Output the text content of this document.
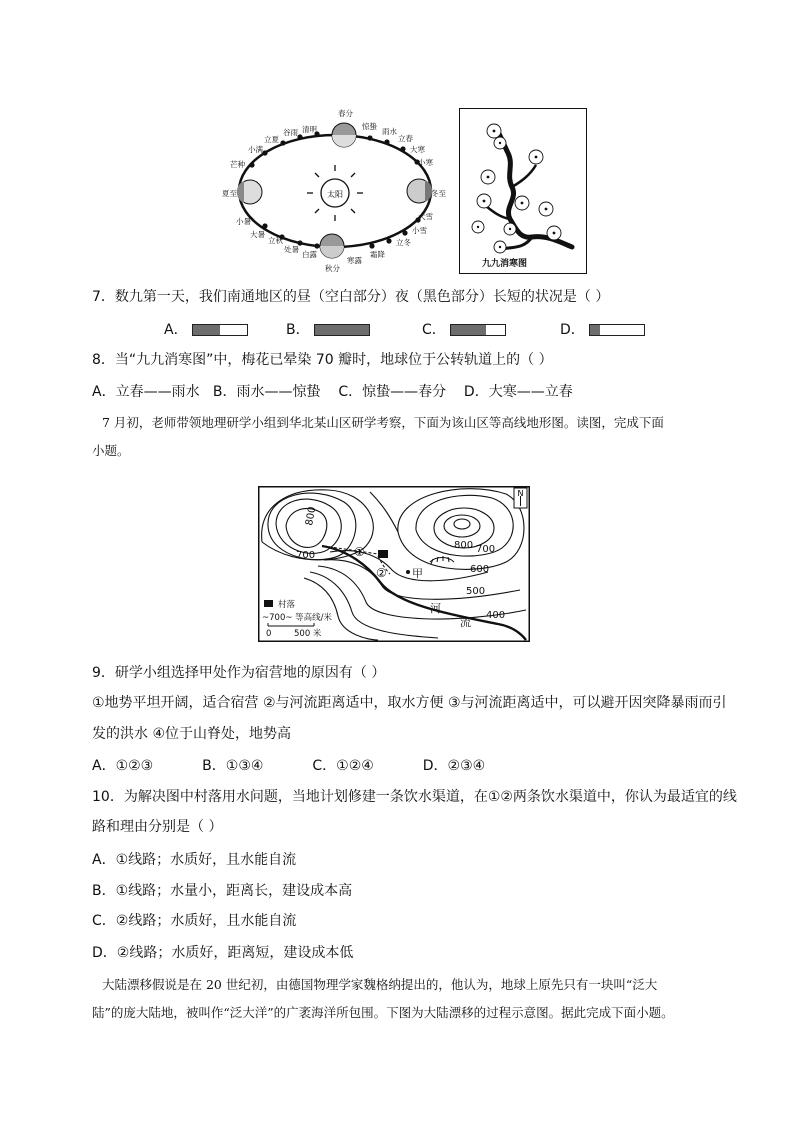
太阳
春分
惊蛰
雨水
立春
大寒
小寒
冬至
大雪
小雪
立冬
霜降
寒露
秋分
白露
处暑
立秋
大暑
小暑
夏至
芒种
小满
立夏
谷雨 清明
九九消寒图
7．数九第一天，我们南通地区的昼（空白部分）夜（黑色部分）长短的状况是（ ）
A．	B．	C．	D．
8．当“九九消寒图”中，梅花已晕染 70 瓣时，地球位于公转轨道上的（ ）
A．立春——雨水   B．雨水——惊蛰    C．惊蛰——春分    D．大寒——立春
7 月初，老师带领地理研学小组到华北某山区研学考察，下面为该山区等高线地形图。读图，完成下面
小题。
800
700
800 700
600
500
400
①
② 甲
河
流
N
村落
~700~ 等高线/米
0	500 米
9．研学小组选择甲处作为宿营地的原因有（ ）
①地势平坦开阔，适合宿营 ②与河流距离适中，取水方便 ③与河流距离适中，可以避开因突降暴雨而引
发的洪水 ④位于山脊处，地势高
A．①②③           B．①③④           C．①②④           D．②③④
10．为解决图中村落用水问题，当地计划修建一条饮水渠道，在①②两条饮水渠道中，你认为最适宜的线
路和理由分别是（ ）
A．①线路；水质好，且水能自流
B．①线路；水量小，距离长，建设成本高
C．②线路；水质好，且水能自流
D．②线路；水质好，距离短，建设成本低
大陆漂移假说是在 20 世纪初，由德国物理学家魏格纳提出的，他认为，地球上原先只有一块叫“泛大
陆”的庞大陆地，被叫作“泛大洋”的广袤海洋所包围。下图为大陆漂移的过程示意图。据此完成下面小题。
